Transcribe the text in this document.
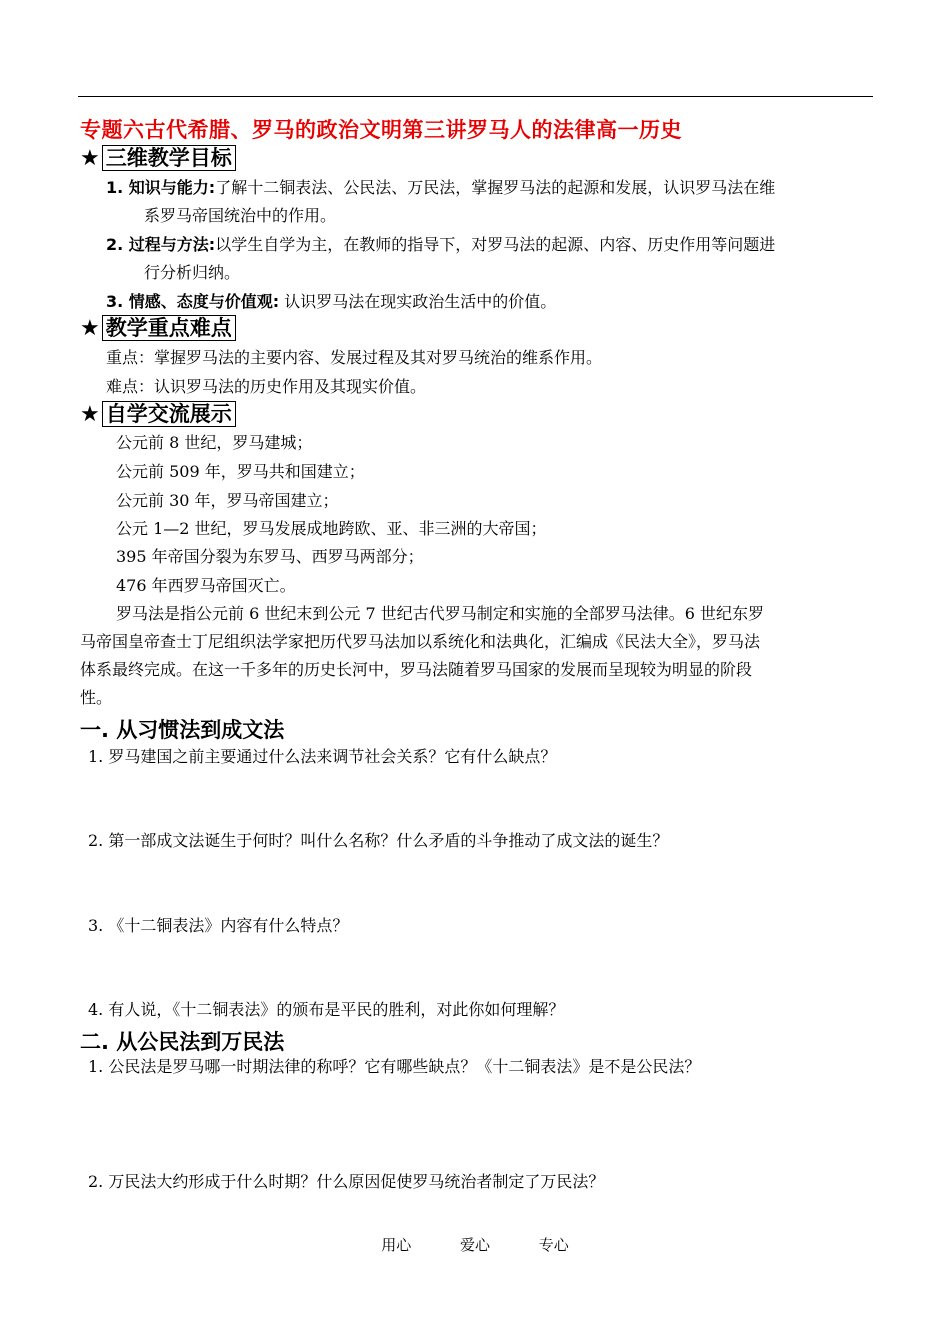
专题六古代希腊、罗马的政治文明第三讲罗马人的法律高一历史
★ 三维教学目标
1. 知识与能力:了解十二铜表法、公民法、万民法，掌握罗马法的起源和发展，认识罗马法在维
系罗马帝国统治中的作用。
2. 过程与方法:以学生自学为主，在教师的指导下，对罗马法的起源、内容、历史作用等问题进
行分析归纳。
3. 情感、态度与价值观: 认识罗马法在现实政治生活中的价值。
★ 教学重点难点
重点：掌握罗马法的主要内容、发展过程及其对罗马统治的维系作用。
难点：认识罗马法的历史作用及其现实价值。
★ 自学交流展示
公元前 8 世纪，罗马建城；
公元前 509 年，罗马共和国建立；
公元前 30 年，罗马帝国建立；
公元 1—2 世纪，罗马发展成地跨欧、亚、非三洲的大帝国；
395 年帝国分裂为东罗马、西罗马两部分；
476 年西罗马帝国灭亡。
罗马法是指公元前 6 世纪末到公元 7 世纪古代罗马制定和实施的全部罗马法律。6 世纪东罗
马帝国皇帝查士丁尼组织法学家把历代罗马法加以系统化和法典化，汇编成《民法大全》，罗马法
体系最终完成。在这一千多年的历史长河中，罗马法随着罗马国家的发展而呈现较为明显的阶段
性。
一. 从习惯法到成文法
1. 罗马建国之前主要通过什么法来调节社会关系？它有什么缺点？
2. 第一部成文法诞生于何时？叫什么名称？什么矛盾的斗争推动了成文法的诞生？
3. 《十二铜表法》内容有什么特点？
4. 有人说，《十二铜表法》的颁布是平民的胜利，对此你如何理解？
二. 从公民法到万民法
1. 公民法是罗马哪一时期法律的称呼？它有哪些缺点？《十二铜表法》是不是公民法？
2. 万民法大约形成于什么时期？什么原因促使罗马统治者制定了万民法？
用心	爱心	专心
